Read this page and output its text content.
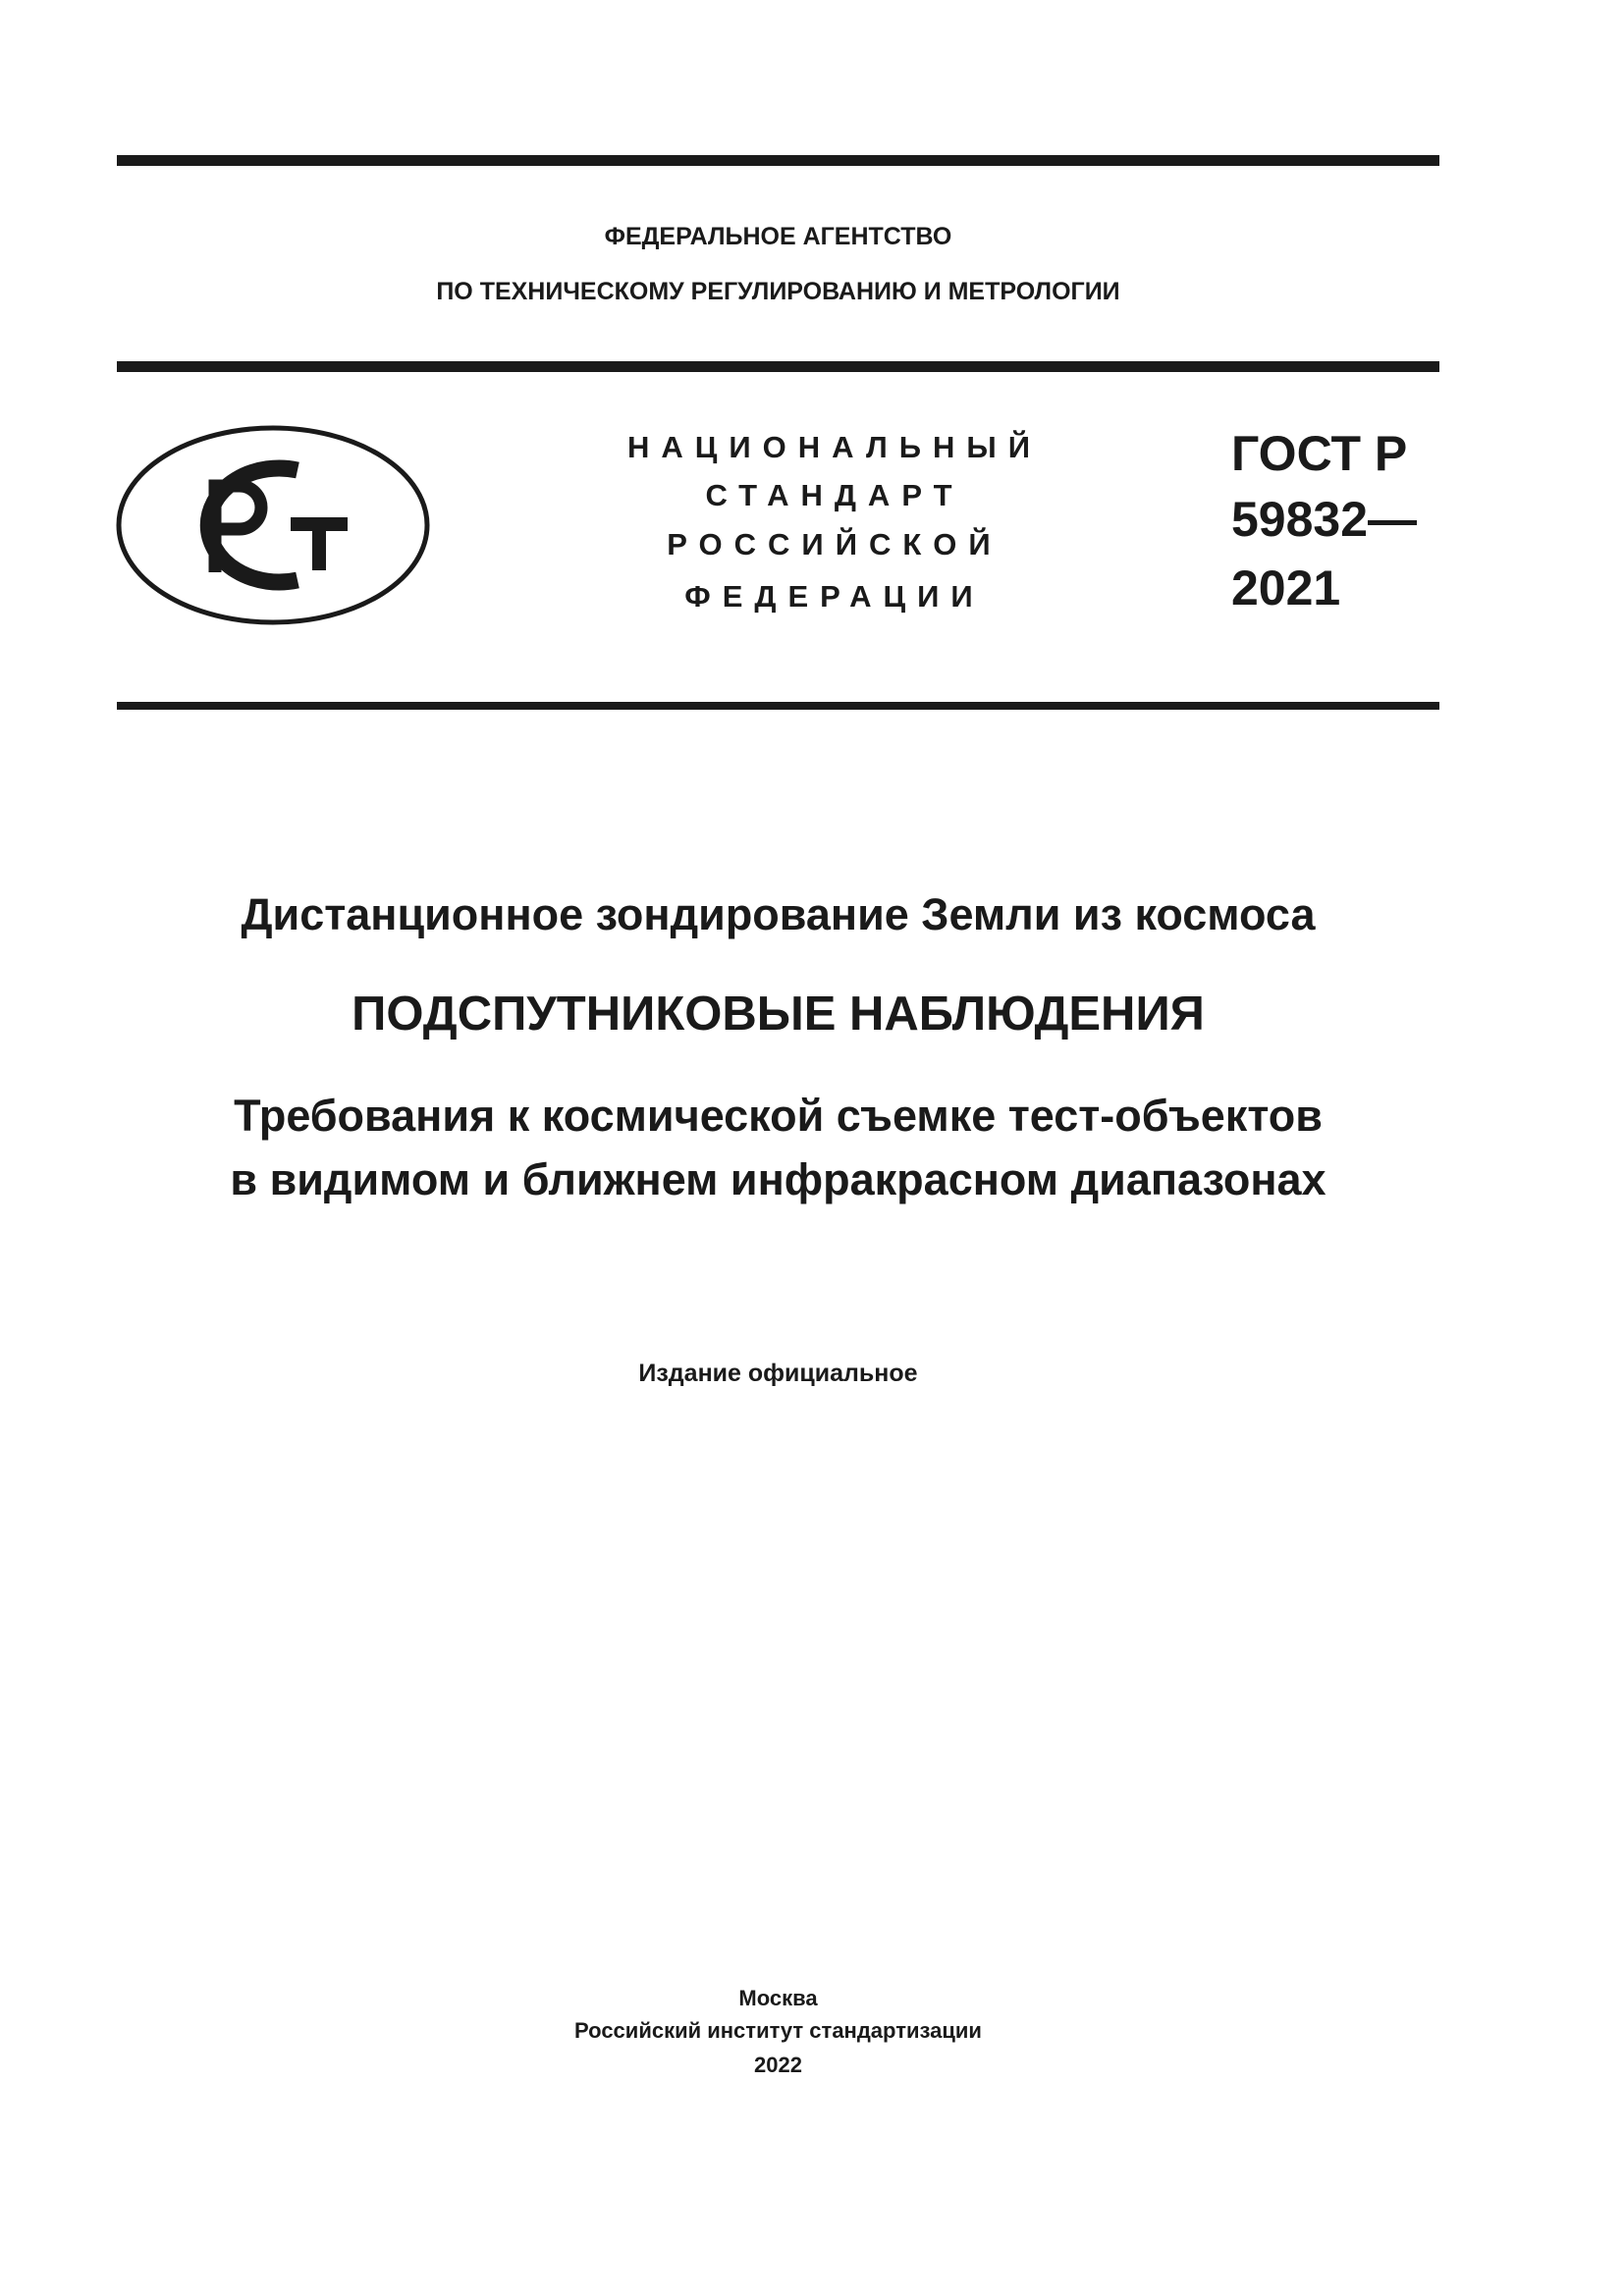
ФЕДЕРАЛЬНОЕ АГЕНТСТВО
ПО ТЕХНИЧЕСКОМУ РЕГУЛИРОВАНИЮ И МЕТРОЛОГИИ
НАЦИОНАЛЬНЫЙ
СТАНДАРТ
РОССИЙСКОЙ
ФЕДЕРАЦИИ
ГОСТ Р
59832—
2021
Дистанционное зондирование Земли из космоса
ПОДСПУТНИКОВЫЕ НАБЛЮДЕНИЯ
Требования к космической съемке тест-объектов
в видимом и ближнем инфракрасном диапазонах
Издание официальное
Москва
Российский институт стандартизации
2022
